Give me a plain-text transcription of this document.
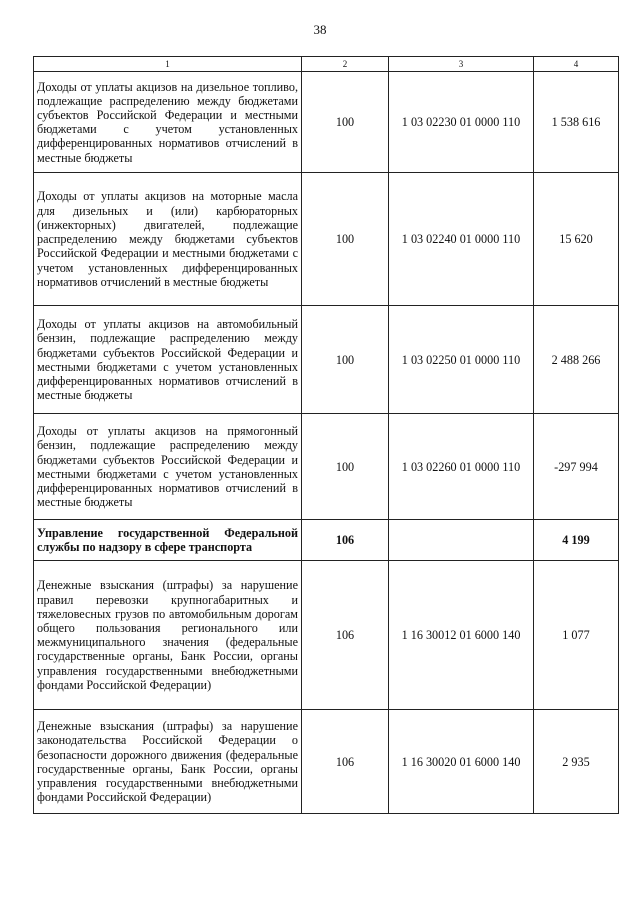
38
1	2	3	4
Доходы от уплаты акцизов на дизельное топливо, подлежащие распределению между бюджетами субъектов Российской Федерации и местными бюджетами с учетом установленных дифференцированных нормативов отчислений в местные бюджеты	100	1 03 02230 01 0000 110	1 538 616
Доходы от уплаты акцизов на моторные масла для дизельных и (или) карбюраторных (инжекторных) двигателей, подлежащие распределению между бюджетами субъектов Российской Федерации и местными бюджетами с учетом установленных дифференцированных нормативов отчислений в местные бюджеты	100	1 03 02240 01 0000 110	15 620
Доходы от уплаты акцизов на автомобильный бензин, подлежащие распределению между бюджетами субъектов Российской Федерации и местными бюджетами с учетом установленных дифференцированных нормативов отчислений в местные бюджеты	100	1 03 02250 01 0000 110	2 488 266
Доходы от уплаты акцизов на прямогонный бензин, подлежащие распределению между бюджетами субъектов Российской Федерации и местными бюджетами с учетом установленных дифференцированных нормативов отчислений в местные бюджеты	100	1 03 02260 01 0000 110	-297 994
Управление государственной Федеральной службы по надзору в сфере транспорта	106		4 199
Денежные взыскания (штрафы) за нарушение правил перевозки крупногабаритных и тяжеловесных грузов по автомобильным дорогам общего пользования регионального или межмуниципального значения (федеральные государственные органы, Банк России, органы управления государственными внебюджетными фондами Российской Федерации)	106	1 16 30012 01 6000 140	1 077
Денежные взыскания (штрафы) за нарушение законодательства Российской Федерации о безопасности дорожного движения (федеральные государственные органы, Банк России, органы управления государственными внебюджетными фондами Российской Федерации)	106	1 16 30020 01 6000 140	2 935
